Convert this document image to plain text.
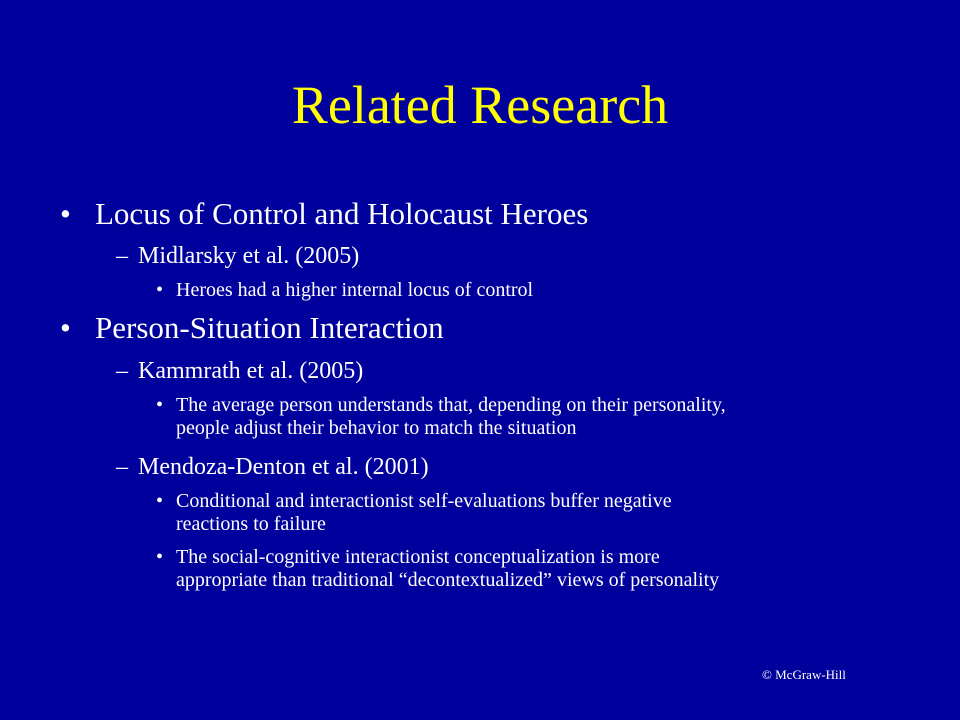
Related Research
• Locus of Control and Holocaust Heroes
– Midlarsky et al. (2005)
• Heroes had a higher internal locus of control
• Person-Situation Interaction
– Kammrath et al. (2005)
• The average person understands that, depending on their personality,
people adjust their behavior to match the situation
– Mendoza-Denton et al. (2001)
• Conditional and interactionist self-evaluations buffer negative
reactions to failure
• The social-cognitive interactionist conceptualization is more
appropriate than traditional “decontextualized” views of personality
© McGraw-Hill
